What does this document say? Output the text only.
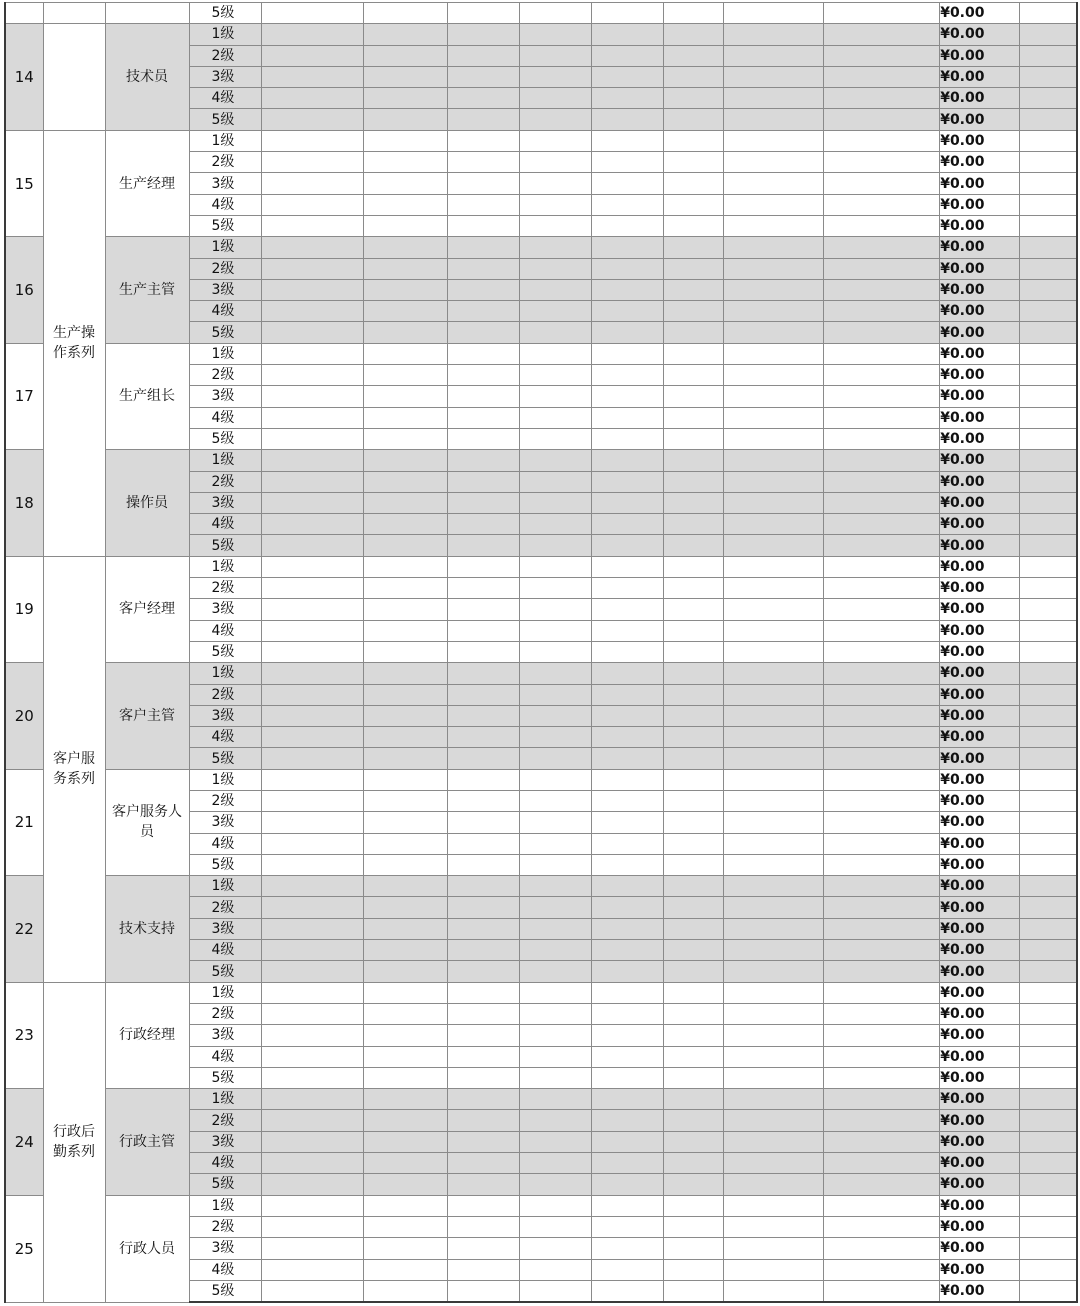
			5级									¥0.00	
14		技术员	1级									¥0.00	
			2级									¥0.00	
			3级									¥0.00	
			4级									¥0.00	
			5级									¥0.00	
15	生产操作系列	生产经理	1级									¥0.00	
			2级									¥0.00	
			3级									¥0.00	
			4级									¥0.00	
			5级									¥0.00	
16		生产主管	1级									¥0.00	
			2级									¥0.00	
			3级									¥0.00	
			4级									¥0.00	
			5级									¥0.00	
17		生产组长	1级									¥0.00	
			2级									¥0.00	
			3级									¥0.00	
			4级									¥0.00	
			5级									¥0.00	
18		操作员	1级									¥0.00	
			2级									¥0.00	
			3级									¥0.00	
			4级									¥0.00	
			5级									¥0.00	
19	客户服务系列	客户经理	1级									¥0.00	
			2级									¥0.00	
			3级									¥0.00	
			4级									¥0.00	
			5级									¥0.00	
20		客户主管	1级									¥0.00	
			2级									¥0.00	
			3级									¥0.00	
			4级									¥0.00	
			5级									¥0.00	
21		客户服务人员	1级									¥0.00	
			2级									¥0.00	
			3级									¥0.00	
			4级									¥0.00	
			5级									¥0.00	
22		技术支持	1级									¥0.00	
			2级									¥0.00	
			3级									¥0.00	
			4级									¥0.00	
			5级									¥0.00	
23	行政后勤系列	行政经理	1级									¥0.00	
			2级									¥0.00	
			3级									¥0.00	
			4级									¥0.00	
			5级									¥0.00	
24		行政主管	1级									¥0.00	
			2级									¥0.00	
			3级									¥0.00	
			4级									¥0.00	
			5级									¥0.00	
25		行政人员	1级									¥0.00	
			2级									¥0.00	
			3级									¥0.00	
			4级									¥0.00	
			5级									¥0.00	
